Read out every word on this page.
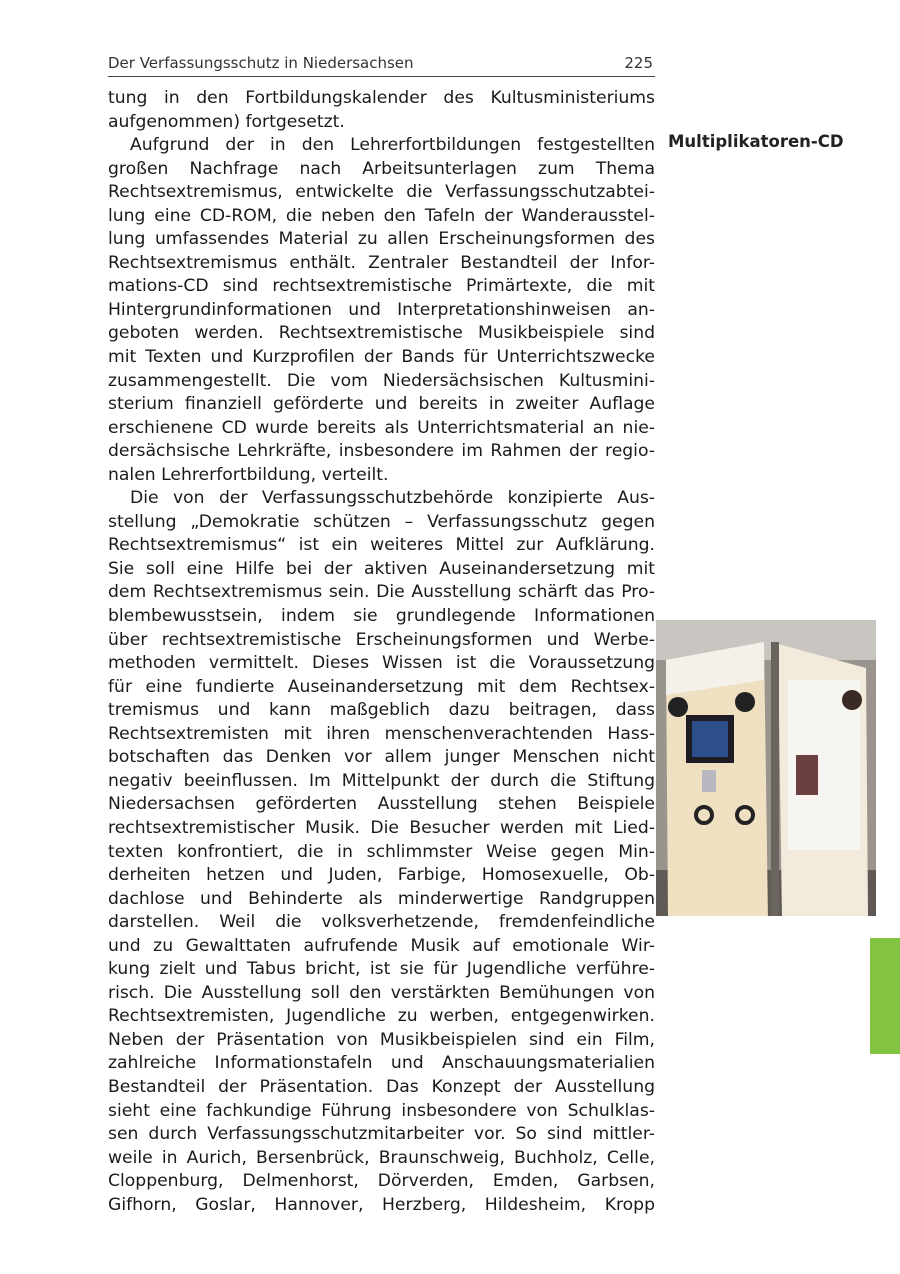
Der Verfassungsschutz in Niedersachsen	225
tung in den Fortbildungskalender des Kultusministeriums
aufgenommen) fortgesetzt.
Aufgrund der in den Lehrerfortbildungen festgestellten
großen Nachfrage nach Arbeitsunterlagen zum Thema
Rechtsextremismus, entwickelte die Verfassungsschutzabtei-
lung eine CD-ROM, die neben den Tafeln der Wanderausstel-
lung umfassendes Material zu allen Erscheinungsformen des
Rechtsextremismus enthält. Zentraler Bestandteil der Infor-
mations-CD sind rechtsextremistische Primärtexte, die mit
Hintergrundinformationen und Interpretationshinweisen an-
geboten werden. Rechtsextremistische Musikbeispiele sind
mit Texten und Kurzprofilen der Bands für Unterrichtszwecke
zusammengestellt. Die vom Niedersächsischen Kultusmini-
sterium finanziell geförderte und bereits in zweiter Auflage
erschienene CD wurde bereits als Unterrichtsmaterial an nie-
dersächsische Lehrkräfte, insbesondere im Rahmen der regio-
nalen Lehrerfortbildung, verteilt.
Die von der Verfassungsschutzbehörde konzipierte Aus-
stellung „Demokratie schützen – Verfassungsschutz gegen
Rechtsextremismus“ ist ein weiteres Mittel zur Aufklärung.
Sie soll eine Hilfe bei der aktiven Auseinandersetzung mit
dem Rechtsextremismus sein. Die Ausstellung schärft das Pro-
blembewusstsein, indem sie grundlegende Informationen
über rechtsextremistische Erscheinungsformen und Werbe-
methoden vermittelt. Dieses Wissen ist die Voraussetzung
für eine fundierte Auseinandersetzung mit dem Rechtsex-
tremismus und kann maßgeblich dazu beitragen, dass
Rechtsextremisten mit ihren menschenverachtenden Hass-
botschaften das Denken vor allem junger Menschen nicht
negativ beeinflussen. Im Mittelpunkt der durch die Stiftung
Niedersachsen geförderten Ausstellung stehen Beispiele
rechtsextremistischer Musik. Die Besucher werden mit Lied-
texten konfrontiert, die in schlimmster Weise gegen Min-
derheiten hetzen und Juden, Farbige, Homosexuelle, Ob-
dachlose und Behinderte als minderwertige Randgruppen
darstellen. Weil die volksverhetzende, fremdenfeindliche
und zu Gewalttaten aufrufende Musik auf emotionale Wir-
kung zielt und Tabus bricht, ist sie für Jugendliche verführe-
risch. Die Ausstellung soll den verstärkten Bemühungen von
Rechtsextremisten, Jugendliche zu werben, entgegenwirken.
Neben der Präsentation von Musikbeispielen sind ein Film,
zahlreiche Informationstafeln und Anschauungsmaterialien
Bestandteil der Präsentation. Das Konzept der Ausstellung
sieht eine fachkundige Führung insbesondere von Schulklas-
sen durch Verfassungsschutzmitarbeiter vor. So sind mittler-
weile in Aurich, Bersenbrück, Braunschweig, Buchholz, Celle,
Cloppenburg, Delmenhorst, Dörverden, Emden, Garbsen,
Gifhorn, Goslar, Hannover, Herzberg, Hildesheim, Kropp
Multiplikatoren-CD
